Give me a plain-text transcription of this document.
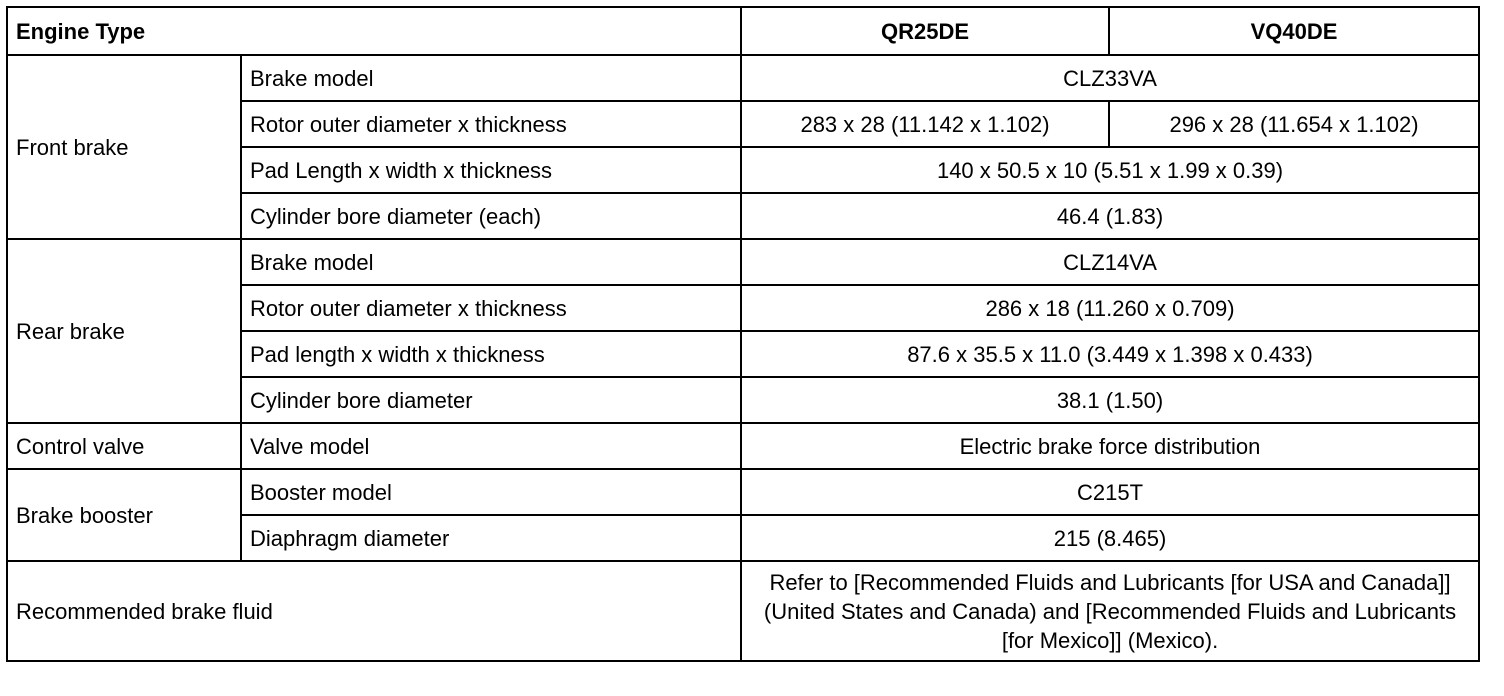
Engine Type		QR25DE	VQ40DE
Front brake	Brake model	CLZ33VA	
	Rotor outer diameter x thickness	283 x 28 (11.142 x 1.102)	296 x 28 (11.654 x 1.102)
	Pad Length x width x thickness	140 x 50.5 x 10 (5.51 x 1.99 x 0.39)	
	Cylinder bore diameter (each)	46.4 (1.83)	
Rear brake	Brake model	CLZ14VA	
	Rotor outer diameter x thickness	286 x 18 (11.260 x 0.709)	
	Pad length x width x thickness	87.6 x 35.5 x 11.0 (3.449 x 1.398 x 0.433)	
	Cylinder bore diameter	38.1 (1.50)	
Control valve	Valve model	Electric brake force distribution	
Brake booster	Booster model	C215T	
	Diaphragm diameter	215 (8.465)	
Recommended brake fluid		Refer to [Recommended Fluids and Lubricants [for USA and Canada]] (United States and Canada) and [Recommended Fluids and Lubricants [for Mexico]] (Mexico).	
